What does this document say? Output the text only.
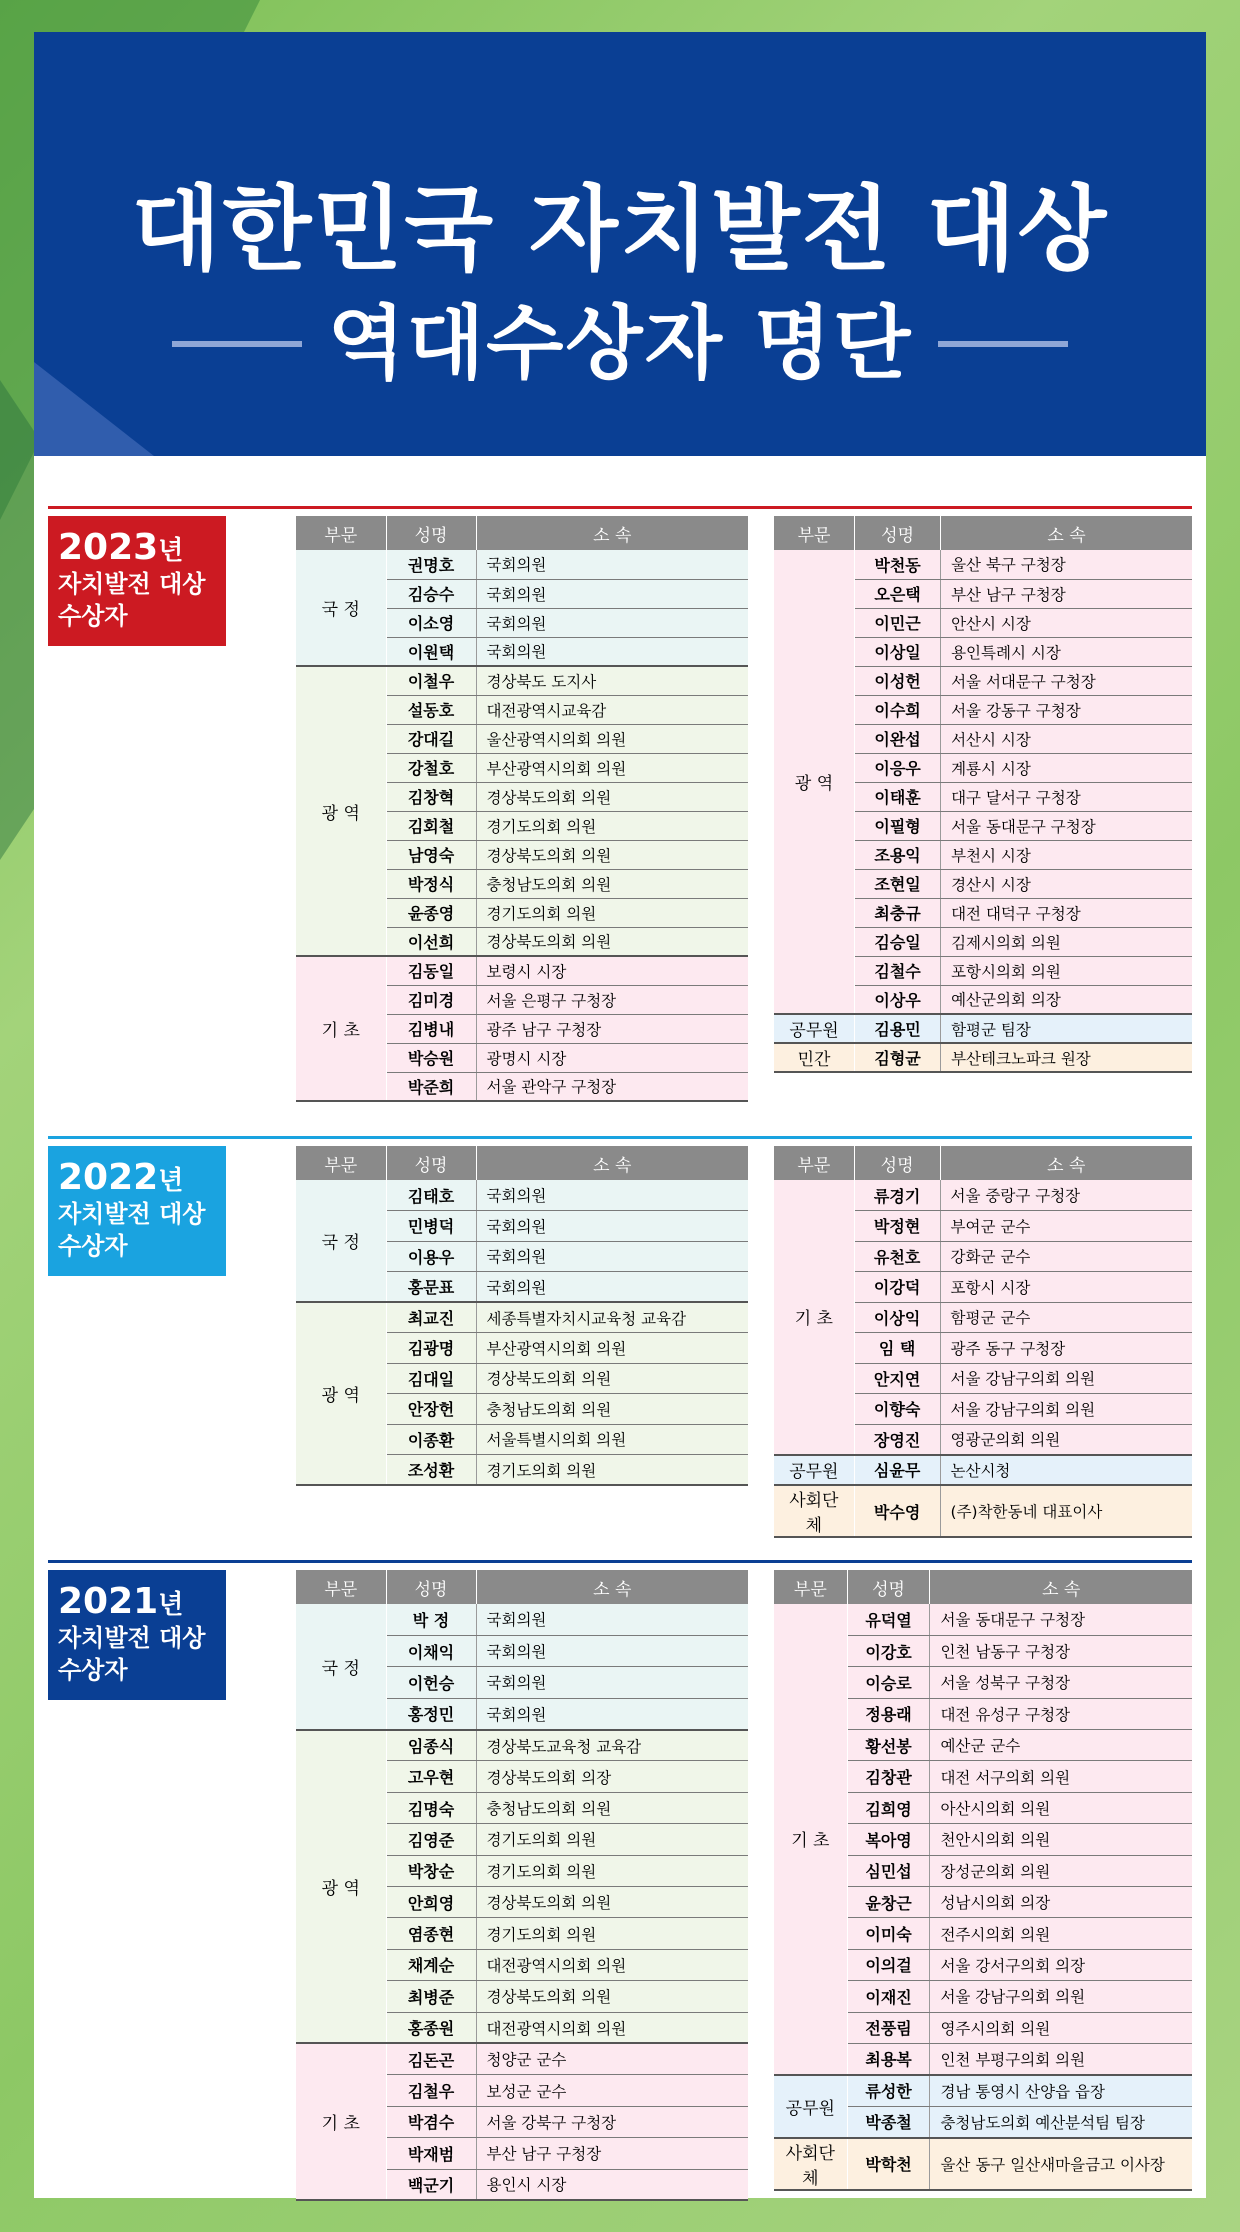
대한민국 자치발전 대상
역대수상자 명단
2023년
자치발전 대상
수상자
부문	성명	소 속
국 정	권명호	국회의원
	김승수	국회의원
	이소영	국회의원
	이원택	국회의원
광 역	이철우	경상북도 도지사
	설동호	대전광역시교육감
	강대길	울산광역시의회 의원
	강철호	부산광역시의회 의원
	김창혁	경상북도의회 의원
	김회철	경기도의회 의원
	남영숙	경상북도의회 의원
	박정식	충청남도의회 의원
	윤종영	경기도의회 의원
	이선희	경상북도의회 의원
기 초	김동일	보령시 시장
	김미경	서울 은평구 구청장
	김병내	광주 남구 구청장
	박승원	광명시 시장
	박준희	서울 관악구 구청장
부문	성명	소 속
광 역	박천동	울산 북구 구청장
	오은택	부산 남구 구청장
	이민근	안산시 시장
	이상일	용인특례시 시장
	이성헌	서울 서대문구 구청장
	이수희	서울 강동구 구청장
	이완섭	서산시 시장
	이응우	계룡시 시장
	이태훈	대구 달서구 구청장
	이필형	서울 동대문구 구청장
	조용익	부천시 시장
	조현일	경산시 시장
	최충규	대전 대덕구 구청장
	김승일	김제시의회 의원
	김철수	포항시의회 의원
	이상우	예산군의회 의장
공무원	김용민	함평군 팀장
민간	김형균	부산테크노파크 원장
2022년
자치발전 대상
수상자
부문	성명	소 속
국 정	김태호	국회의원
	민병덕	국회의원
	이용우	국회의원
	홍문표	국회의원
광 역	최교진	세종특별자치시교육청 교육감
	김광명	부산광역시의회 의원
	김대일	경상북도의회 의원
	안장헌	충청남도의회 의원
	이종환	서울특별시의회 의원
	조성환	경기도의회 의원
부문	성명	소 속
기 초	류경기	서울 중랑구 구청장
	박정현	부여군 군수
	유천호	강화군 군수
	이강덕	포항시 시장
	이상익	함평군 군수
	임 택	광주 동구 구청장
	안지연	서울 강남구의회 의원
	이향숙	서울 강남구의회 의원
	장영진	영광군의회 의원
공무원	심윤무	논산시청
사회단체	박수영	(주)착한동네 대표이사
2021년
자치발전 대상
수상자
부문	성명	소 속
국 정	박 정	국회의원
	이채익	국회의원
	이헌승	국회의원
	홍정민	국회의원
광 역	임종식	경상북도교육청 교육감
	고우현	경상북도의회 의장
	김명숙	충청남도의회 의원
	김영준	경기도의회 의원
	박창순	경기도의회 의원
	안희영	경상북도의회 의원
	염종현	경기도의회 의원
	채계순	대전광역시의회 의원
	최병준	경상북도의회 의원
	홍종원	대전광역시의회 의원
기 초	김돈곤	청양군 군수
	김철우	보성군 군수
	박겸수	서울 강북구 구청장
	박재범	부산 남구 구청장
	백군기	용인시 시장
부문	성명	소 속
기 초	유덕열	서울 동대문구 구청장
	이강호	인천 남동구 구청장
	이승로	서울 성북구 구청장
	정용래	대전 유성구 구청장
	황선봉	예산군 군수
	김창관	대전 서구의회 의원
	김희영	아산시의회 의원
	복아영	천안시의회 의원
	심민섭	장성군의회 의원
	윤창근	성남시의회 의장
	이미숙	전주시의회 의원
	이의걸	서울 강서구의회 의장
	이재진	서울 강남구의회 의원
	전풍림	영주시의회 의원
	최용복	인천 부평구의회 의원
공무원	류성한	경남 통영시 산양읍 읍장
	박종철	충청남도의회 예산분석팀 팀장
사회단체	박학천	울산 동구 일산새마을금고 이사장
